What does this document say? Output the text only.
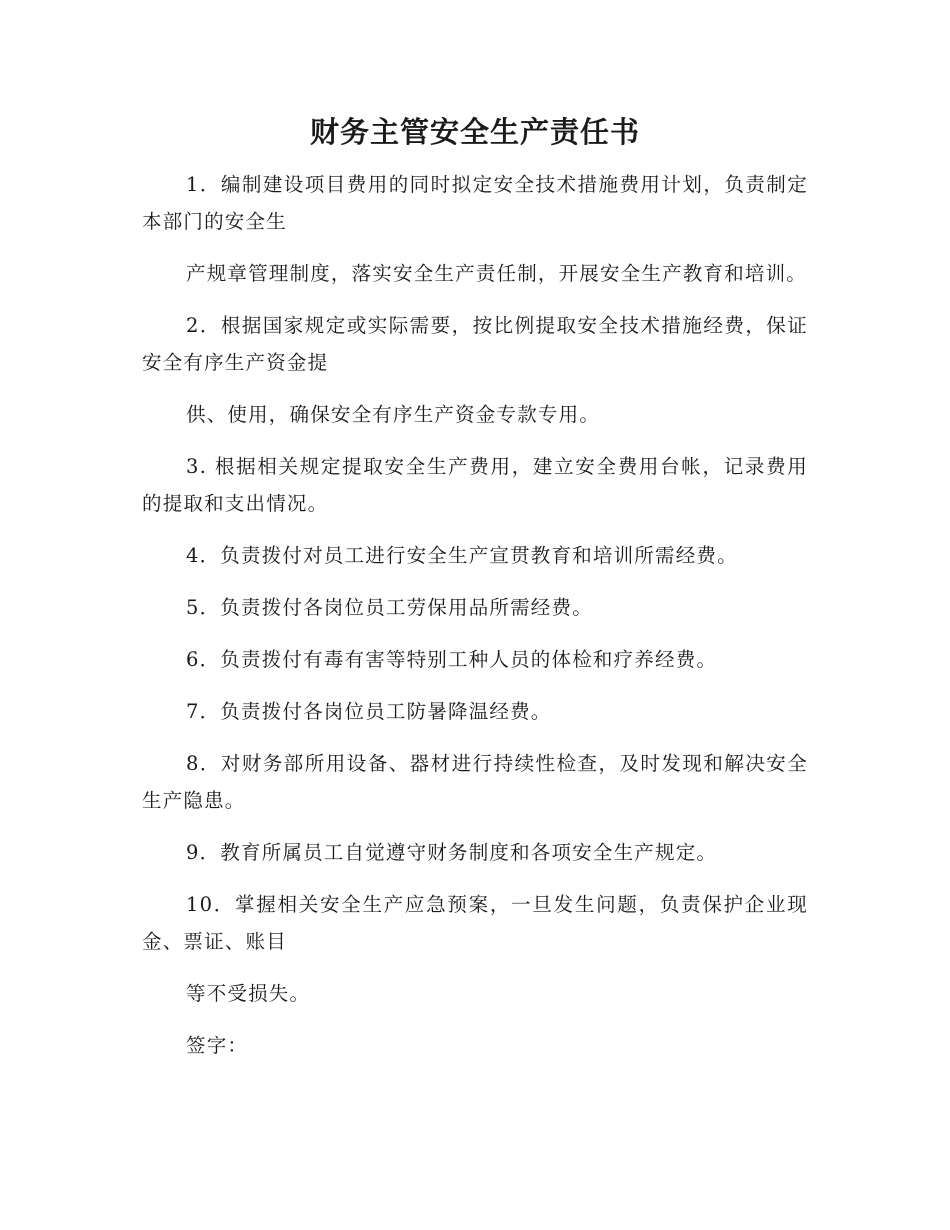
财务主管安全生产责任书

1．编制建设项目费用的同时拟定安全技术措施费用计划，负责制定本部门的安全生

产规章管理制度，落实安全生产责任制，开展安全生产教育和培训。

2．根据国家规定或实际需要，按比例提取安全技术措施经费，保证安全有序生产资金提

供、使用，确保安全有序生产资金专款专用。

3. 根据相关规定提取安全生产费用，建立安全费用台帐，记录费用的提取和支出情况。

4．负责拨付对员工进行安全生产宣贯教育和培训所需经费。

5．负责拨付各岗位员工劳保用品所需经费。

6．负责拨付有毒有害等特别工种人员的体检和疗养经费。

7．负责拨付各岗位员工防暑降温经费。

8．对财务部所用设备、器材进行持续性检查，及时发现和解决安全生产隐患。

9．教育所属员工自觉遵守财务制度和各项安全生产规定。

10．掌握相关安全生产应急预案，一旦发生问题，负责保护企业现金、票证、账目

等不受损失。

签字：
